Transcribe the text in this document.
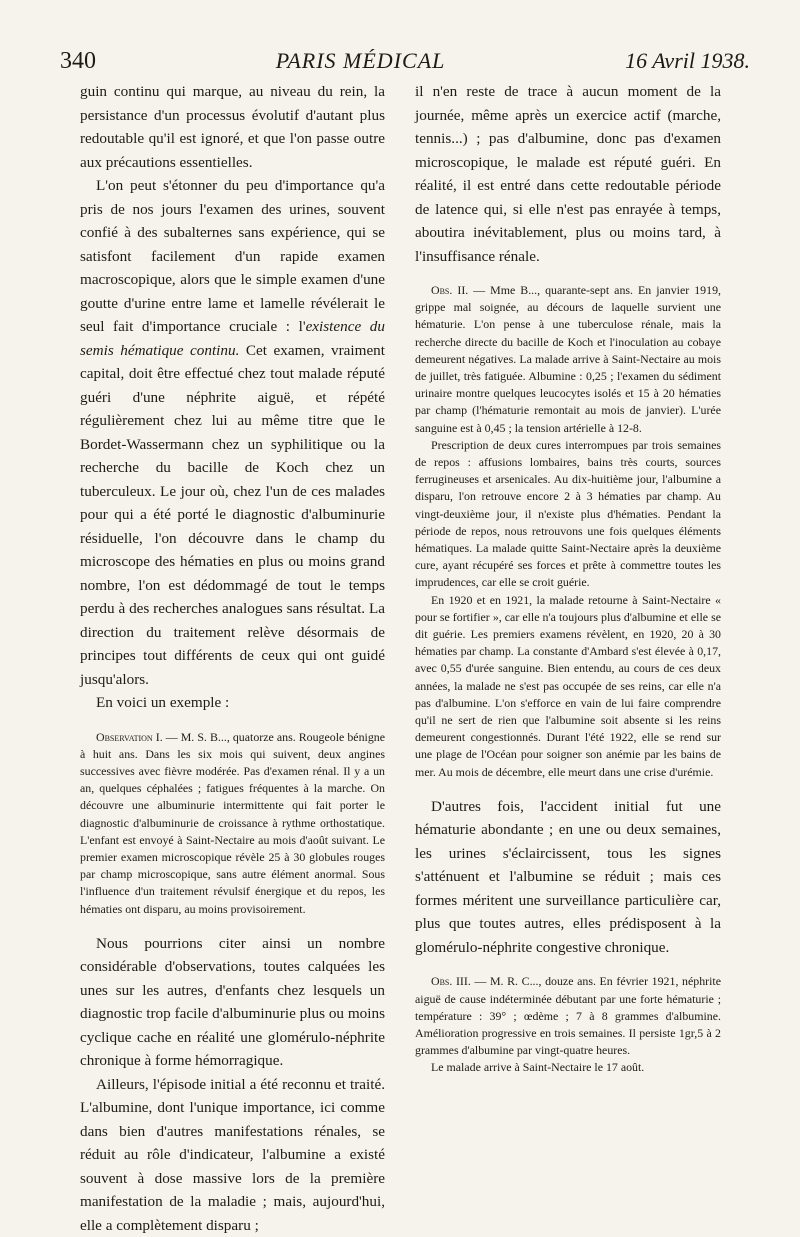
340	PARIS MÉDICAL	16 Avril 1938.

guin continu qui marque, au niveau du rein, la persistance d'un processus évolutif d'autant plus redoutable qu'il est ignoré, et que l'on passe outre aux précautions essentielles.

L'on peut s'étonner du peu d'importance qu'a pris de nos jours l'examen des urines, souvent confié à des subalternes sans expérience, qui se satisfont facilement d'un rapide examen macroscopique, alors que le simple examen d'une goutte d'urine entre lame et lamelle révélerait le seul fait d'importance cruciale : l'existence du semis hématique continu. Cet examen, vraiment capital, doit être effectué chez tout malade réputé guéri d'une néphrite aiguë, et répété régulièrement chez lui au même titre que le Bordet-Wassermann chez un syphilitique ou la recherche du bacille de Koch chez un tuberculeux. Le jour où, chez l'un de ces malades pour qui a été porté le diagnostic d'albuminurie résiduelle, l'on découvre dans le champ du microscope des hématies en plus ou moins grand nombre, l'on est dédommagé de tout le temps perdu à des recherches analogues sans résultat. La direction du traitement relève désormais de principes tout différents de ceux qui ont guidé jusqu'alors.

En voici un exemple :

Observation I. — M. S. B..., quatorze ans. Rougeole bénigne à huit ans. Dans les six mois qui suivent, deux angines successives avec fièvre modérée. Pas d'examen rénal. Il y a un an, quelques céphalées ; fatigues fréquentes à la marche. On découvre une albuminurie intermittente qui fait porter le diagnostic d'albuminurie de croissance à rythme orthostatique. L'enfant est envoyé à Saint-Nectaire au mois d'août suivant. Le premier examen microscopique révèle 25 à 30 globules rouges par champ microscopique, sans autre élément anormal. Sous l'influence d'un traitement révulsif énergique et du repos, les hématies ont disparu, au moins provisoirement.

Nous pourrions citer ainsi un nombre considérable d'observations, toutes calquées les unes sur les autres, d'enfants chez lesquels un diagnostic trop facile d'albuminurie plus ou moins cyclique cache en réalité une glomérulo-néphrite chronique à forme hémorragique.

Ailleurs, l'épisode initial a été reconnu et traité. L'albumine, dont l'unique importance, ici comme dans bien d'autres manifestations rénales, se réduit au rôle d'indicateur, l'albumine a existé souvent à dose massive lors de la première manifestation de la maladie ; mais, aujourd'hui, elle a complètement disparu ;

il n'en reste de trace à aucun moment de la journée, même après un exercice actif (marche, tennis...) ; pas d'albumine, donc pas d'examen microscopique, le malade est réputé guéri. En réalité, il est entré dans cette redoutable période de latence qui, si elle n'est pas enrayée à temps, aboutira inévitablement, plus ou moins tard, à l'insuffisance rénale.

Obs. II. — Mme B..., quarante-sept ans. En janvier 1919, grippe mal soignée, au décours de laquelle survient une hématurie. L'on pense à une tuberculose rénale, mais la recherche directe du bacille de Koch et l'inoculation au cobaye demeurent négatives. La malade arrive à Saint-Nectaire au mois de juillet, très fatiguée. Albumine : 0,25 ; l'examen du sédiment urinaire montre quelques leucocytes isolés et 15 à 20 hématies par champ (l'hématurie remontait au mois de janvier). L'urée sanguine est à 0,45 ; la tension artérielle à 12-8.

Prescription de deux cures interrompues par trois semaines de repos : affusions lombaires, bains très courts, sources ferrugineuses et arsenicales. Au dix-huitième jour, l'albumine a disparu, l'on retrouve encore 2 à 3 hématies par champ. Au vingt-deuxième jour, il n'existe plus d'hématies. Pendant la période de repos, nous retrouvons une fois quelques éléments hématiques. La malade quitte Saint-Nectaire après la deuxième cure, ayant récupéré ses forces et prête à commettre toutes les imprudences, car elle se croit guérie.

En 1920 et en 1921, la malade retourne à Saint-Nectaire « pour se fortifier », car elle n'a toujours plus d'albumine et elle se dit guérie. Les premiers examens révèlent, en 1920, 20 à 30 hématies par champ. La constante d'Ambard s'est élevée à 0,17, avec 0,55 d'urée sanguine. Bien entendu, au cours de ces deux années, la malade ne s'est pas occupée de ses reins, car elle n'a pas d'albumine. L'on s'efforce en vain de lui faire comprendre qu'il ne sert de rien que l'albumine soit absente si les reins demeurent congestionnés. Durant l'été 1922, elle se rend sur une plage de l'Océan pour soigner son anémie par les bains de mer. Au mois de décembre, elle meurt dans une crise d'urémie.

D'autres fois, l'accident initial fut une hématurie abondante ; en une ou deux semaines, les urines s'éclaircissent, tous les signes s'atténuent et l'albumine se réduit ; mais ces formes méritent une surveillance particulière car, plus que toutes autres, elles prédisposent à la glomérulo-néphrite congestive chronique.

Obs. III. — M. R. C..., douze ans. En février 1921, néphrite aiguë de cause indéterminée débutant par une forte hématurie ; température : 39° ; œdème ; 7 à 8 grammes d'albumine. Amélioration progressive en trois semaines. Il persiste 1gr,5 à 2 grammes d'albumine par vingt-quatre heures.

Le malade arrive à Saint-Nectaire le 17 août.
